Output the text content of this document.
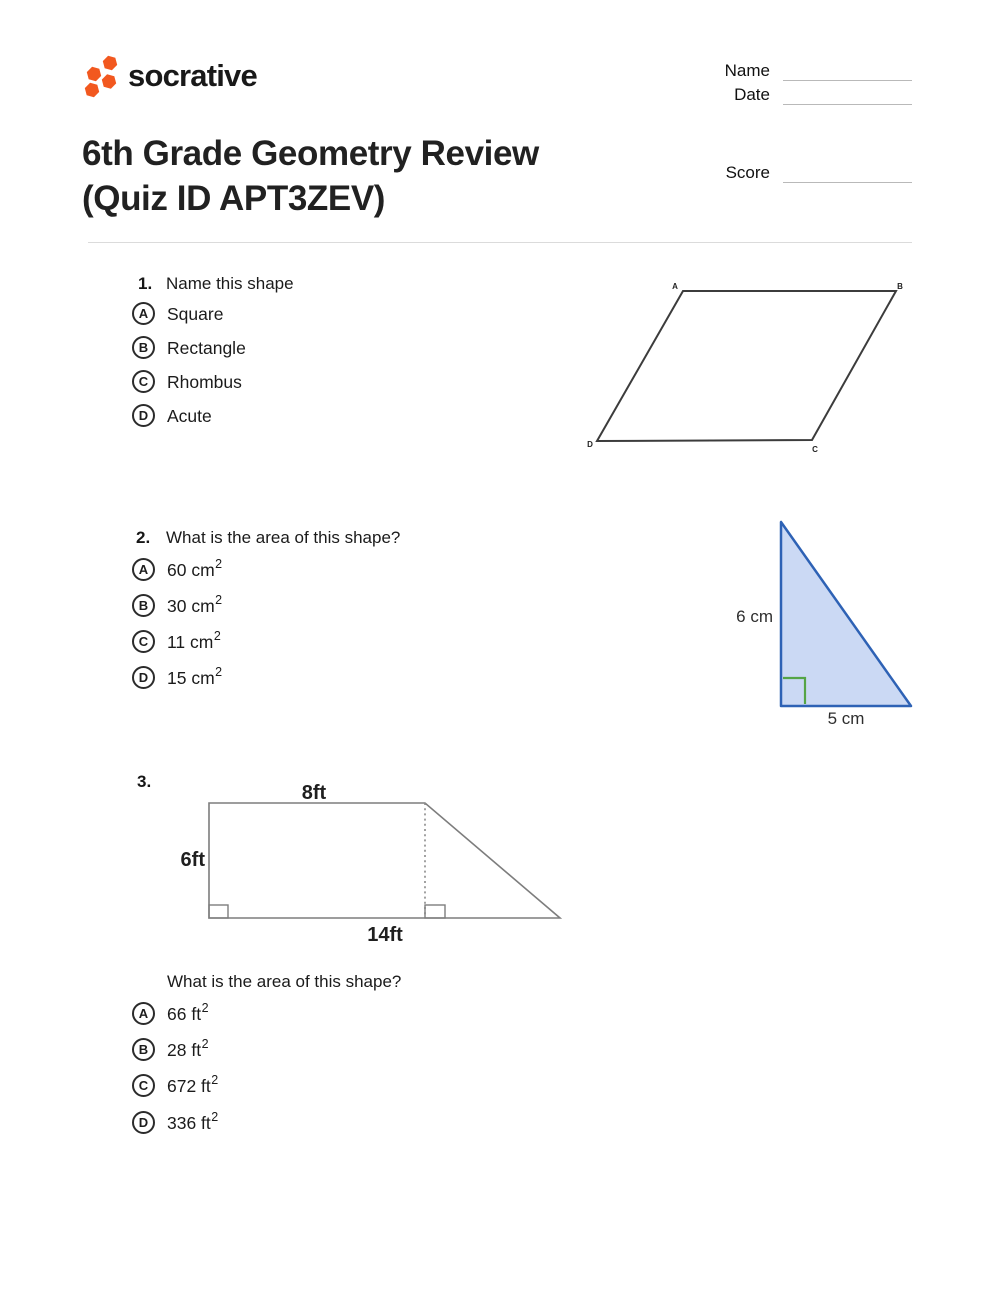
socrative	Name
Date
Score
6th Grade Geometry Review
(Quiz ID APT3ZEV)
1. Name this shape
A	Square
B	Rectangle
C	Rhombus
D	Acute
A	B
C
D
2. What is the area of this shape?
A	60 $cm^2$
B	30 $cm^2$
C	11 $cm^2$
D	15 $cm^2$
6 cm
5 cm
3.
8ft
6ft
14ft
What is the area of this shape?
A	66 $ft^2$
B	28 $ft^2$
C	672 $ft^2$
D	336 $ft^2$
